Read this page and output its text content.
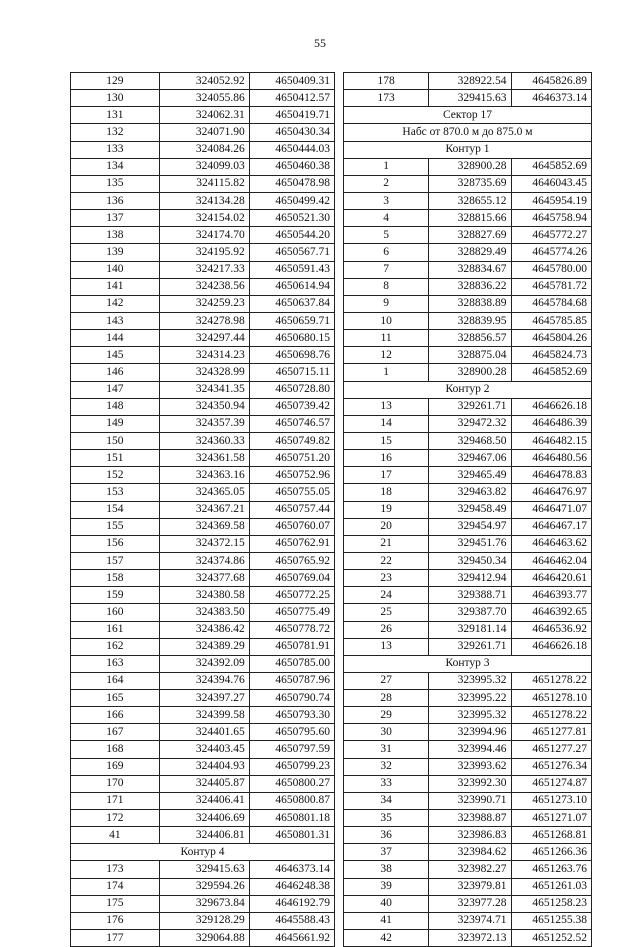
55
129	324052.92	4650409.31
130	324055.86	4650412.57
131	324062.31	4650419.71
132	324071.90	4650430.34
133	324084.26	4650444.03
134	324099.03	4650460.38
135	324115.82	4650478.98
136	324134.28	4650499.42
137	324154.02	4650521.30
138	324174.70	4650544.20
139	324195.92	4650567.71
140	324217.33	4650591.43
141	324238.56	4650614.94
142	324259.23	4650637.84
143	324278.98	4650659.71
144	324297.44	4650680.15
145	324314.23	4650698.76
146	324328.99	4650715.11
147	324341.35	4650728.80
148	324350.94	4650739.42
149	324357.39	4650746.57
150	324360.33	4650749.82
151	324361.58	4650751.20
152	324363.16	4650752.96
153	324365.05	4650755.05
154	324367.21	4650757.44
155	324369.58	4650760.07
156	324372.15	4650762.91
157	324374.86	4650765.92
158	324377.68	4650769.04
159	324380.58	4650772.25
160	324383.50	4650775.49
161	324386.42	4650778.72
162	324389.29	4650781.91
163	324392.09	4650785.00
164	324394.76	4650787.96
165	324397.27	4650790.74
166	324399.58	4650793.30
167	324401.65	4650795.60
168	324403.45	4650797.59
169	324404.93	4650799.23
170	324405.87	4650800.27
171	324406.41	4650800.87
172	324406.69	4650801.18
41	324406.81	4650801.31
Контур 4		
173	329415.63	4646373.14
174	329594.26	4646248.38
175	329673.84	4646192.79
176	329128.29	4645588.43
177	329064.88	4645661.92
178	328922.54	4645826.89
173	329415.63	4646373.14
Сектор 17		
Набс от 870.0 м до 875.0 м		
Контур 1		
1	328900.28	4645852.69
2	328735.69	4646043.45
3	328655.12	4645954.19
4	328815.66	4645758.94
5	328827.69	4645772.27
6	328829.49	4645774.26
7	328834.67	4645780.00
8	328836.22	4645781.72
9	328838.89	4645784.68
10	328839.95	4645785.85
11	328856.57	4645804.26
12	328875.04	4645824.73
1	328900.28	4645852.69
Контур 2		
13	329261.71	4646626.18
14	329472.32	4646486.39
15	329468.50	4646482.15
16	329467.06	4646480.56
17	329465.49	4646478.83
18	329463.82	4646476.97
19	329458.49	4646471.07
20	329454.97	4646467.17
21	329451.76	4646463.62
22	329450.34	4646462.04
23	329412.94	4646420.61
24	329388.71	4646393.77
25	329387.70	4646392.65
26	329181.14	4646536.92
13	329261.71	4646626.18
Контур 3		
27	323995.32	4651278.22
28	323995.22	4651278.10
29	323995.32	4651278.22
30	323994.96	4651277.81
31	323994.46	4651277.27
32	323993.62	4651276.34
33	323992.30	4651274.87
34	323990.71	4651273.10
35	323988.87	4651271.07
36	323986.83	4651268.81
37	323984.62	4651266.36
38	323982.27	4651263.76
39	323979.81	4651261.03
40	323977.28	4651258.23
41	323974.71	4651255.38
42	323972.13	4651252.52
